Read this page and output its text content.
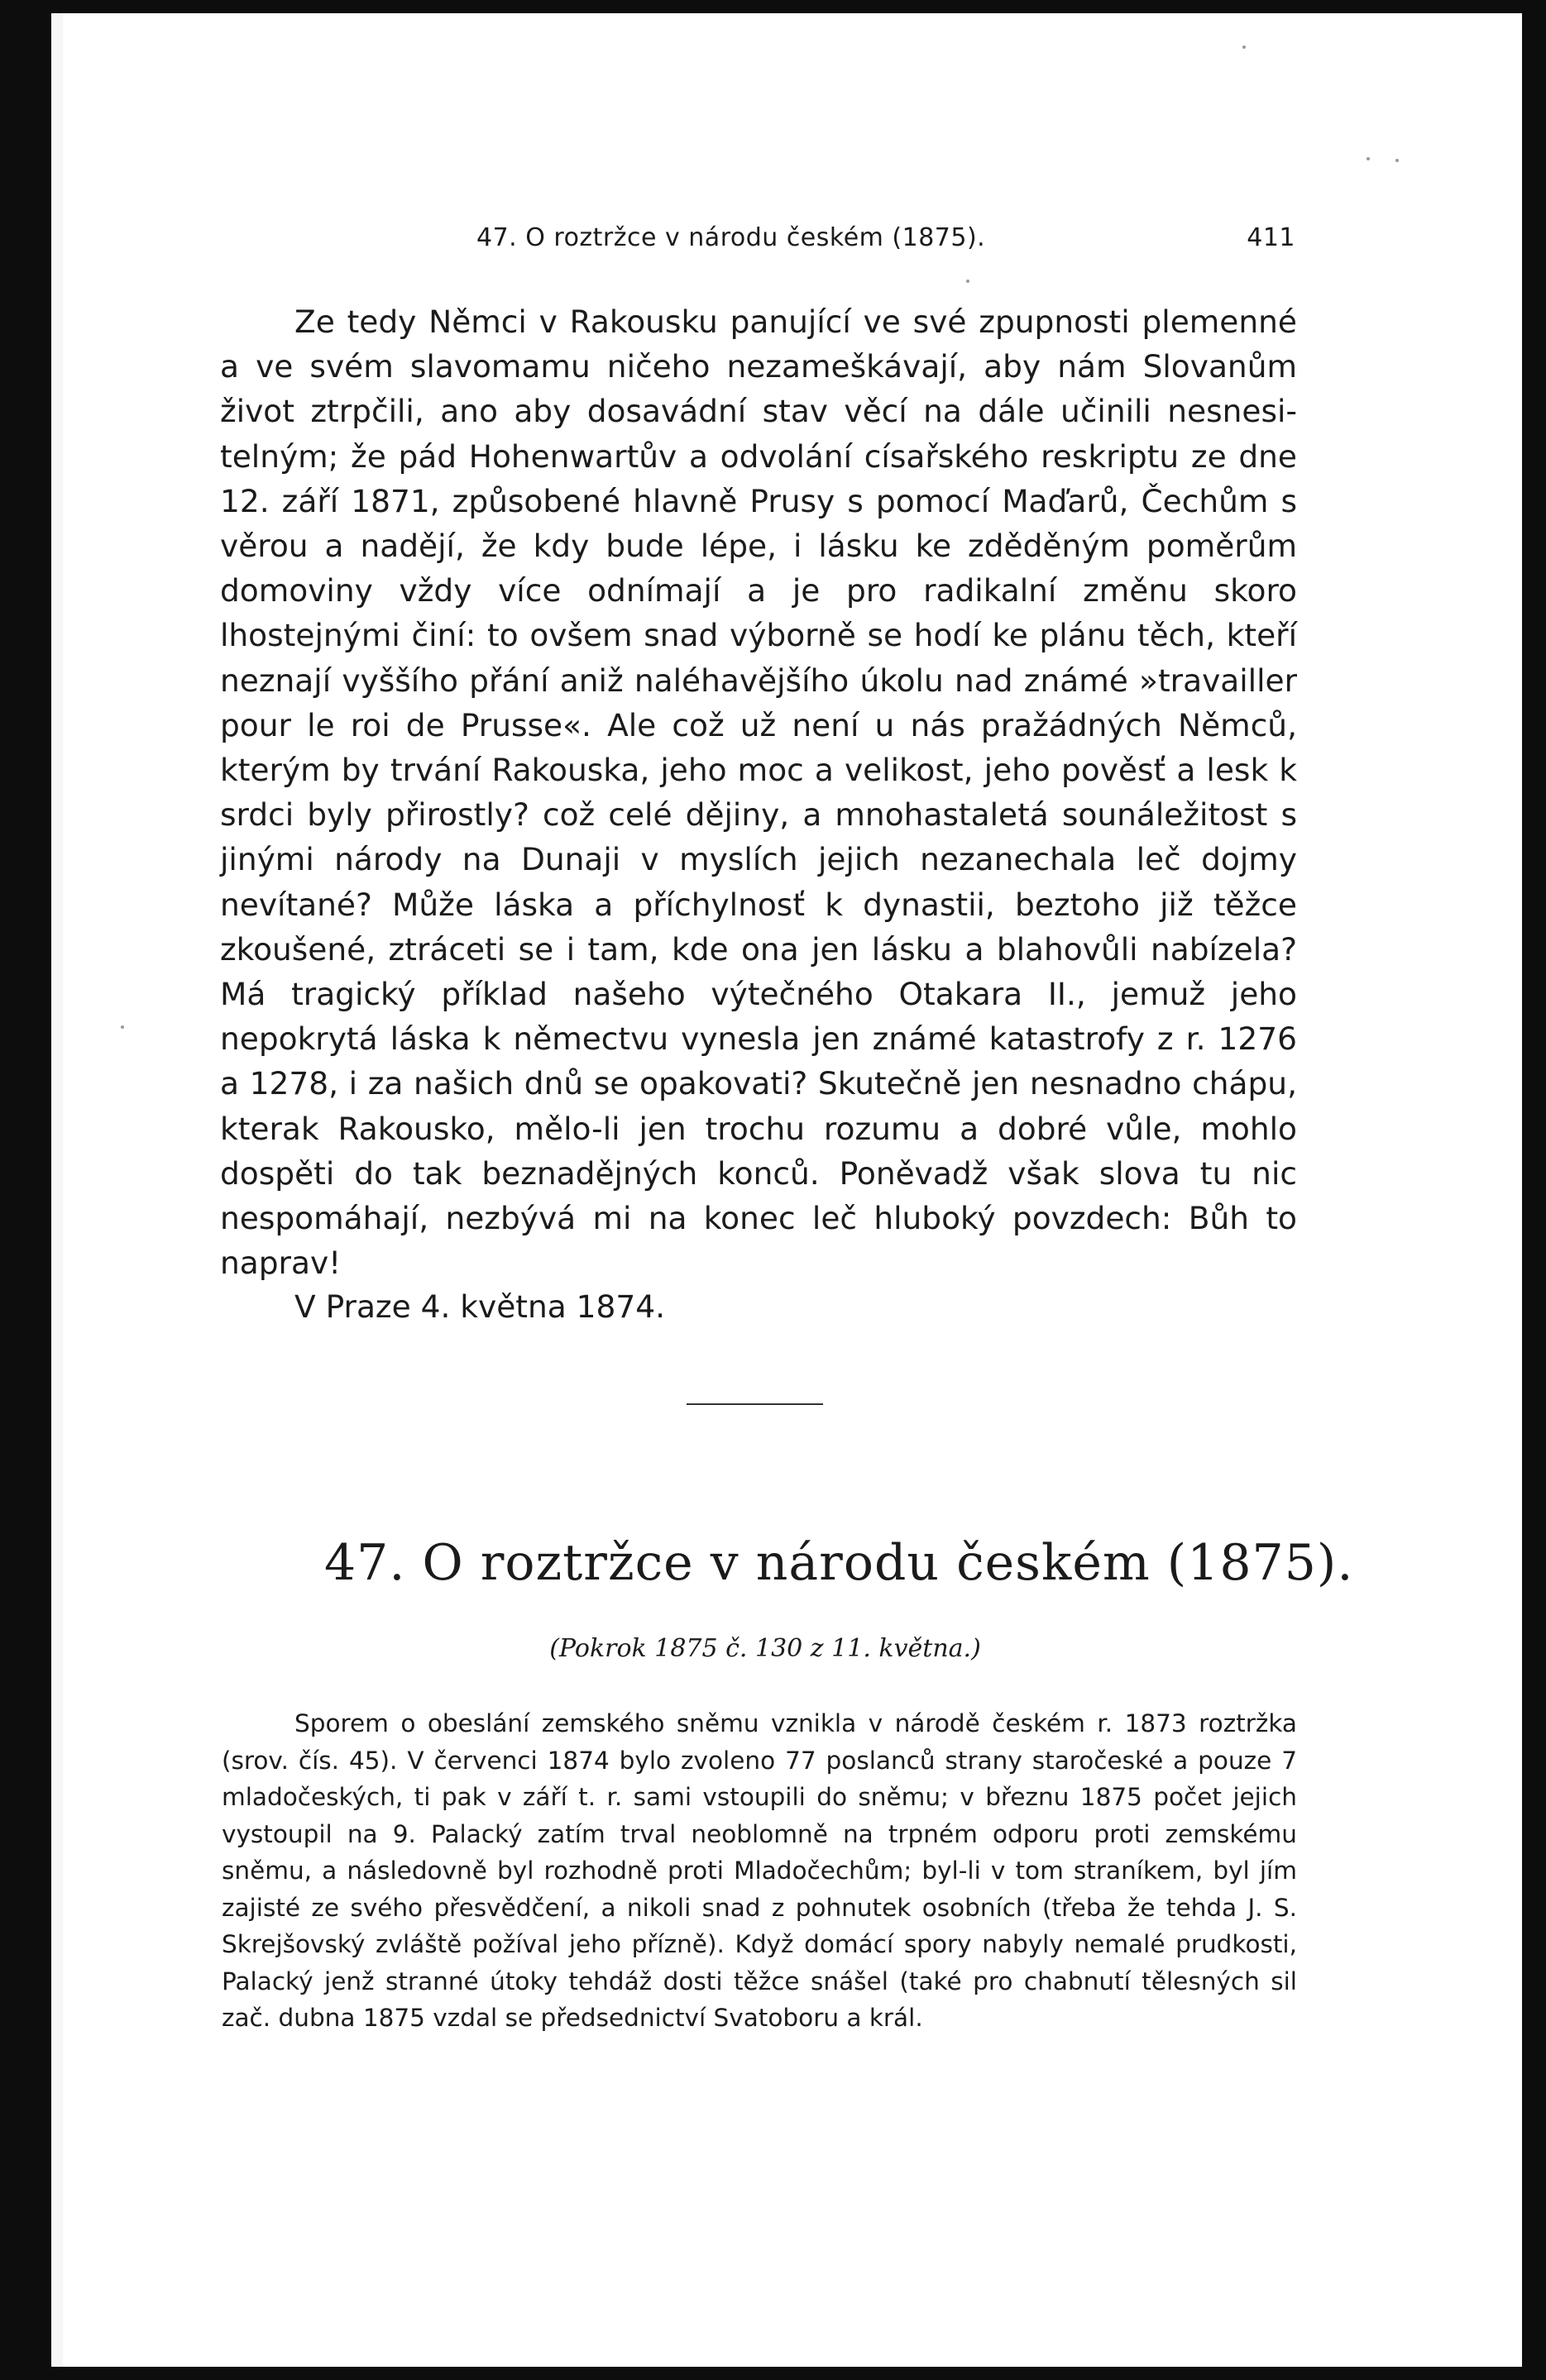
47. O roztržce v národu českém (1875).	411

Ze tedy Němci v Rakousku panující ve své zpupnosti plemenné a ve svém slavomamu ničeho nezameškávají, aby nám Slovanům život ztrpčili, ano aby dosavádní stav věcí na dále učinili nesnesitelným; že pád Hohenwartův a odvolání císařského reskriptu ze dne 12. září 1871, způsobené hlavně Prusy s pomocí Maďarů, Čechům s věrou a nadějí, že kdy bude lépe, i lásku ke zděděným poměrům domoviny vždy více odnímají a je pro radikalní změnu skoro lhostejnými činí: to ovšem snad výborně se hodí ke plánu těch, kteří neznají vyššího přání aniž naléhavějšího úkolu nad známé »travailler pour le roi de Prusse«. Ale což už není u nás pražádných Němců, kterým by trvání Rakouska, jeho moc a velikost, jeho pověsť a lesk k srdci byly přirostly? což celé dějiny, a mnohastaletá sounáležitost s jinými národy na Dunaji v myslích jejich nezanechala leč dojmy nevítané? Může láska a příchylnosť k dynastii, beztoho již těžce zkoušené, ztráceti se i tam, kde ona jen lásku a blahovůli nabízela? Má tragický příklad našeho výtečného Otakara II., jemuž jeho nepokrytá láska k němectvu vynesla jen známé katastrofy z r. 1276 a 1278, i za našich dnů se opakovati? Skutečně jen nesnadno chápu, kterak Rakousko, mělo-li jen trochu rozumu a dobré vůle, mohlo dospěti do tak beznadějných konců. Poněvadž však slova tu nic nespomáhají, nezbývá mi na konec leč hluboký povzdech: Bůh to naprav!

V Praze 4. května 1874.
47. O roztržce v národu českém (1875).
(Pokrok 1875 č. 130 z 11. května.)

Sporem o obeslání zemského sněmu vznikla v národě českém r. 1873 roztržka (srov. čís. 45). V červenci 1874 bylo zvoleno 77 poslanců strany staročeské a pouze 7 mladočeských, ti pak v září t. r. sami vstoupili do sněmu; v březnu 1875 počet jejich vystoupil na 9. Palacký zatím trval neoblomně na trpném odporu proti zemskému sněmu, a následovně byl rozhodně proti Mladočechům; byl-li v tom straníkem, byl jím zajisté ze svého přesvědčení, a nikoli snad z pohnutek osobních (třeba že tehda J. S. Skrejšovský zvláště požíval jeho přízně). Když domácí spory nabyly nemalé prudkosti, Palacký jenž stranné útoky tehdáž dosti těžce snášel (také pro chabnutí tělesných sil zač. dubna 1875 vzdal se předsednictví Svatoboru a král.
